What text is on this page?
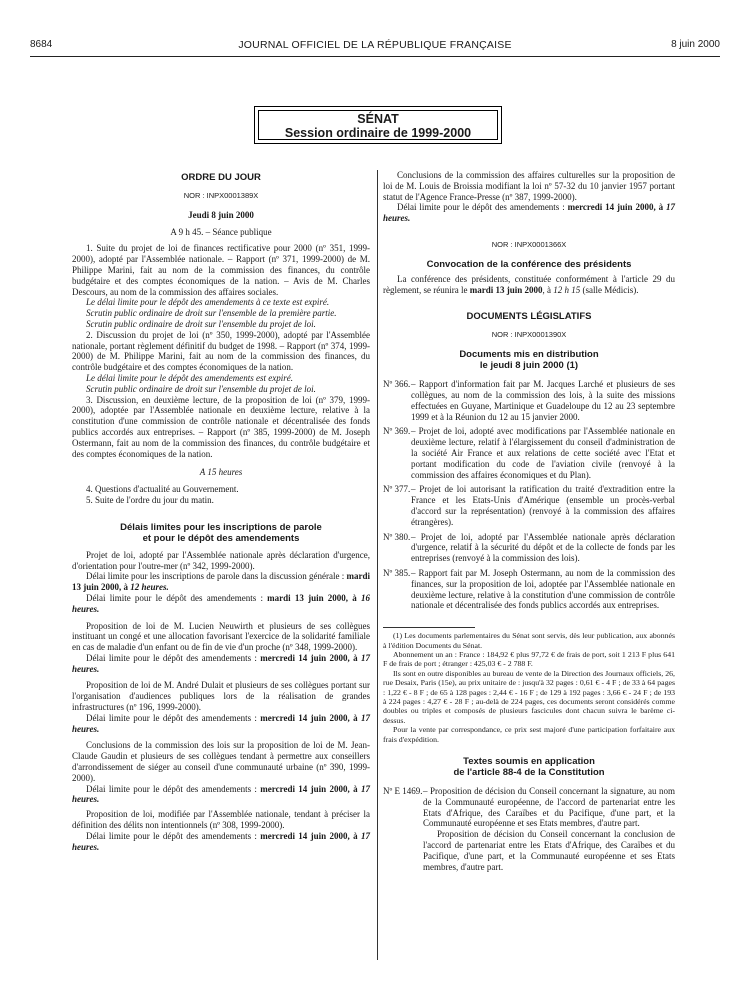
8684	JOURNAL OFFICIEL DE LA RÉPUBLIQUE FRANÇAISE	8 juin 2000
SÉNAT
Session ordinaire de 1999-2000

ORDRE DU JOUR

NOR : INPX0001389X

Jeudi 8 juin 2000

A 9 h 45. – Séance publique

1. Suite du projet de loi de finances rectificative pour 2000 (nº 351, 1999-2000), adopté par l'Assemblée nationale. – Rapport (nº 371, 1999-2000) de M. Philippe Marini, fait au nom de la commission des finances, du contrôle budgétaire et des comptes économiques de la nation. – Avis de M. Charles Descours, au nom de la commission des affaires sociales.

Le délai limite pour le dépôt des amendements à ce texte est expiré.

Scrutin public ordinaire de droit sur l'ensemble de la première partie.

Scrutin public ordinaire de droit sur l'ensemble du projet de loi.

2. Discussion du projet de loi (nº 350, 1999-2000), adopté par l'Assemblée nationale, portant règlement définitif du budget de 1998. – Rapport (nº 374, 1999-2000) de M. Philippe Marini, fait au nom de la commission des finances, du contrôle budgétaire et des comptes économiques de la nation.

Le délai limite pour le dépôt des amendements est expiré.

Scrutin public ordinaire de droit sur l'ensemble du projet de loi.

3. Discussion, en deuxième lecture, de la proposition de loi (nº 379, 1999-2000), adoptée par l'Assemblée nationale en deuxième lecture, relative à la constitution d'une commission de contrôle nationale et décentralisée des fonds publics accordés aux entreprises. – Rapport (nº 385, 1999-2000) de M. Joseph Ostermann, fait au nom de la commission des finances, du contrôle budgétaire et des comptes économiques de la nation.

A 15 heures

4. Questions d'actualité au Gouvernement.

5. Suite de l'ordre du jour du matin.

Délais limites pour les inscriptions de parole
et pour le dépôt des amendements

Projet de loi, adopté par l'Assemblée nationale après déclaration d'urgence, d'orientation pour l'outre-mer (nº 342, 1999-2000).

Délai limite pour les inscriptions de parole dans la discussion générale : mardi 13 juin 2000, à 12 heures.

Délai limite pour le dépôt des amendements : mardi 13 juin 2000, à 16 heures.

Proposition de loi de M. Lucien Neuwirth et plusieurs de ses collègues instituant un congé et une allocation favorisant l'exercice de la solidarité familiale en cas de maladie d'un enfant ou de fin de vie d'un proche (nº 348, 1999-2000).

Délai limite pour le dépôt des amendements : mercredi 14 juin 2000, à 17 heures.

Proposition de loi de M. André Dulait et plusieurs de ses collègues portant sur l'organisation d'audiences publiques lors de la réalisation de grandes infrastructures (nº 196, 1999-2000).

Délai limite pour le dépôt des amendements : mercredi 14 juin 2000, à 17 heures.

Conclusions de la commission des lois sur la proposition de loi de M. Jean-Claude Gaudin et plusieurs de ses collègues tendant à permettre aux conseillers d'arrondissement de siéger au conseil d'une communauté urbaine (nº 390, 1999-2000).

Délai limite pour le dépôt des amendements : mercredi 14 juin 2000, à 17 heures.

Proposition de loi, modifiée par l'Assemblée nationale, tendant à préciser la définition des délits non intentionnels (nº 308, 1999-2000).

Délai limite pour le dépôt des amendements : mercredi 14 juin 2000, à 17 heures.

Conclusions de la commission des affaires culturelles sur la proposition de loi de M. Louis de Broissia modifiant la loi nº 57-32 du 10 janvier 1957 portant statut de l'Agence France-Presse (nº 387, 1999-2000).

Délai limite pour le dépôt des amendements : mercredi 14 juin 2000, à 17 heures.

NOR : INPX0001366X

Convocation de la conférence des présidents

La conférence des présidents, constituée conformément à l'article 29 du règlement, se réunira le mardi 13 juin 2000, à 12 h 15 (salle Médicis).

DOCUMENTS LÉGISLATIFS

NOR : INPX0001390X

Documents mis en distribution
le jeudi 8 juin 2000 (1)

Nº 366. – Rapport d'information fait par M. Jacques Larché et plusieurs de ses collègues, au nom de la commission des lois, à la suite des missions effectuées en Guyane, Martinique et Guadeloupe du 12 au 23 septembre 1999 et à la Réunion du 12 au 15 janvier 2000.
Nº 369. – Projet de loi, adopté avec modifications par l'Assemblée nationale en deuxième lecture, relatif à l'élargissement du conseil d'administration de la société Air France et aux relations de cette société avec l'Etat et portant modification du code de l'aviation civile (renvoyé à la commission des affaires économiques et du Plan).
Nº 377. – Projet de loi autorisant la ratification du traité d'extradition entre la France et les Etats-Unis d'Amérique (ensemble un procès-verbal d'accord sur la représentation) (renvoyé à la commission des affaires étrangères).
Nº 380. – Projet de loi, adopté par l'Assemblée nationale après déclaration d'urgence, relatif à la sécurité du dépôt et de la collecte de fonds par les entreprises (renvoyé à la commission des lois).
Nº 385. – Rapport fait par M. Joseph Ostermann, au nom de la commission des finances, sur la proposition de loi, adoptée par l'Assemblée nationale en deuxième lecture, relative à la constitution d'une commission de contrôle nationale et décentralisée des fonds publics accordés aux entreprises.

(1) Les documents parlementaires du Sénat sont servis, dès leur publication, aux abonnés à l'édition Documents du Sénat.

Abonnement un an : France : 184,92 € plus 97,72 € de frais de port, soit 1 213 F plus 641 F de frais de port ; étranger : 425,03 € - 2 788 F.

Ils sont en outre disponibles au bureau de vente de la Direction des Journaux officiels, 26, rue Desaix, Paris (15e), au prix unitaire de : jusqu'à 32 pages : 0,61 € - 4 F ; de 33 à 64 pages : 1,22 € - 8 F ; de 65 à 128 pages : 2,44 € - 16 F ; de 129 à 192 pages : 3,66 € - 24 F ; de 193 à 224 pages : 4,27 € - 28 F ; au-delà de 224 pages, ces documents seront considérés comme doubles ou triples et composés de plusieurs fascicules dont chacun suivra le barème ci-dessus.

Pour la vente par correspondance, ce prix sest majoré d'une participation forfaitaire aux frais d'expédition.

Textes soumis en application
de l'article 88-4 de la Constitution

Nº E 1469. – Proposition de décision du Conseil concernant la signature, au nom de la Communauté européenne, de l'accord de partenariat entre les Etats d'Afrique, des Caraïbes et du Pacifique, d'une part, et la Communauté européenne et ses Etats membres, d'autre part.

Proposition de décision du Conseil concernant la conclusion de l'accord de partenariat entre les Etats d'Afrique, des Caraïbes et du Pacifique, d'une part, et la Communauté européenne et ses Etats membres, d'autre part.
